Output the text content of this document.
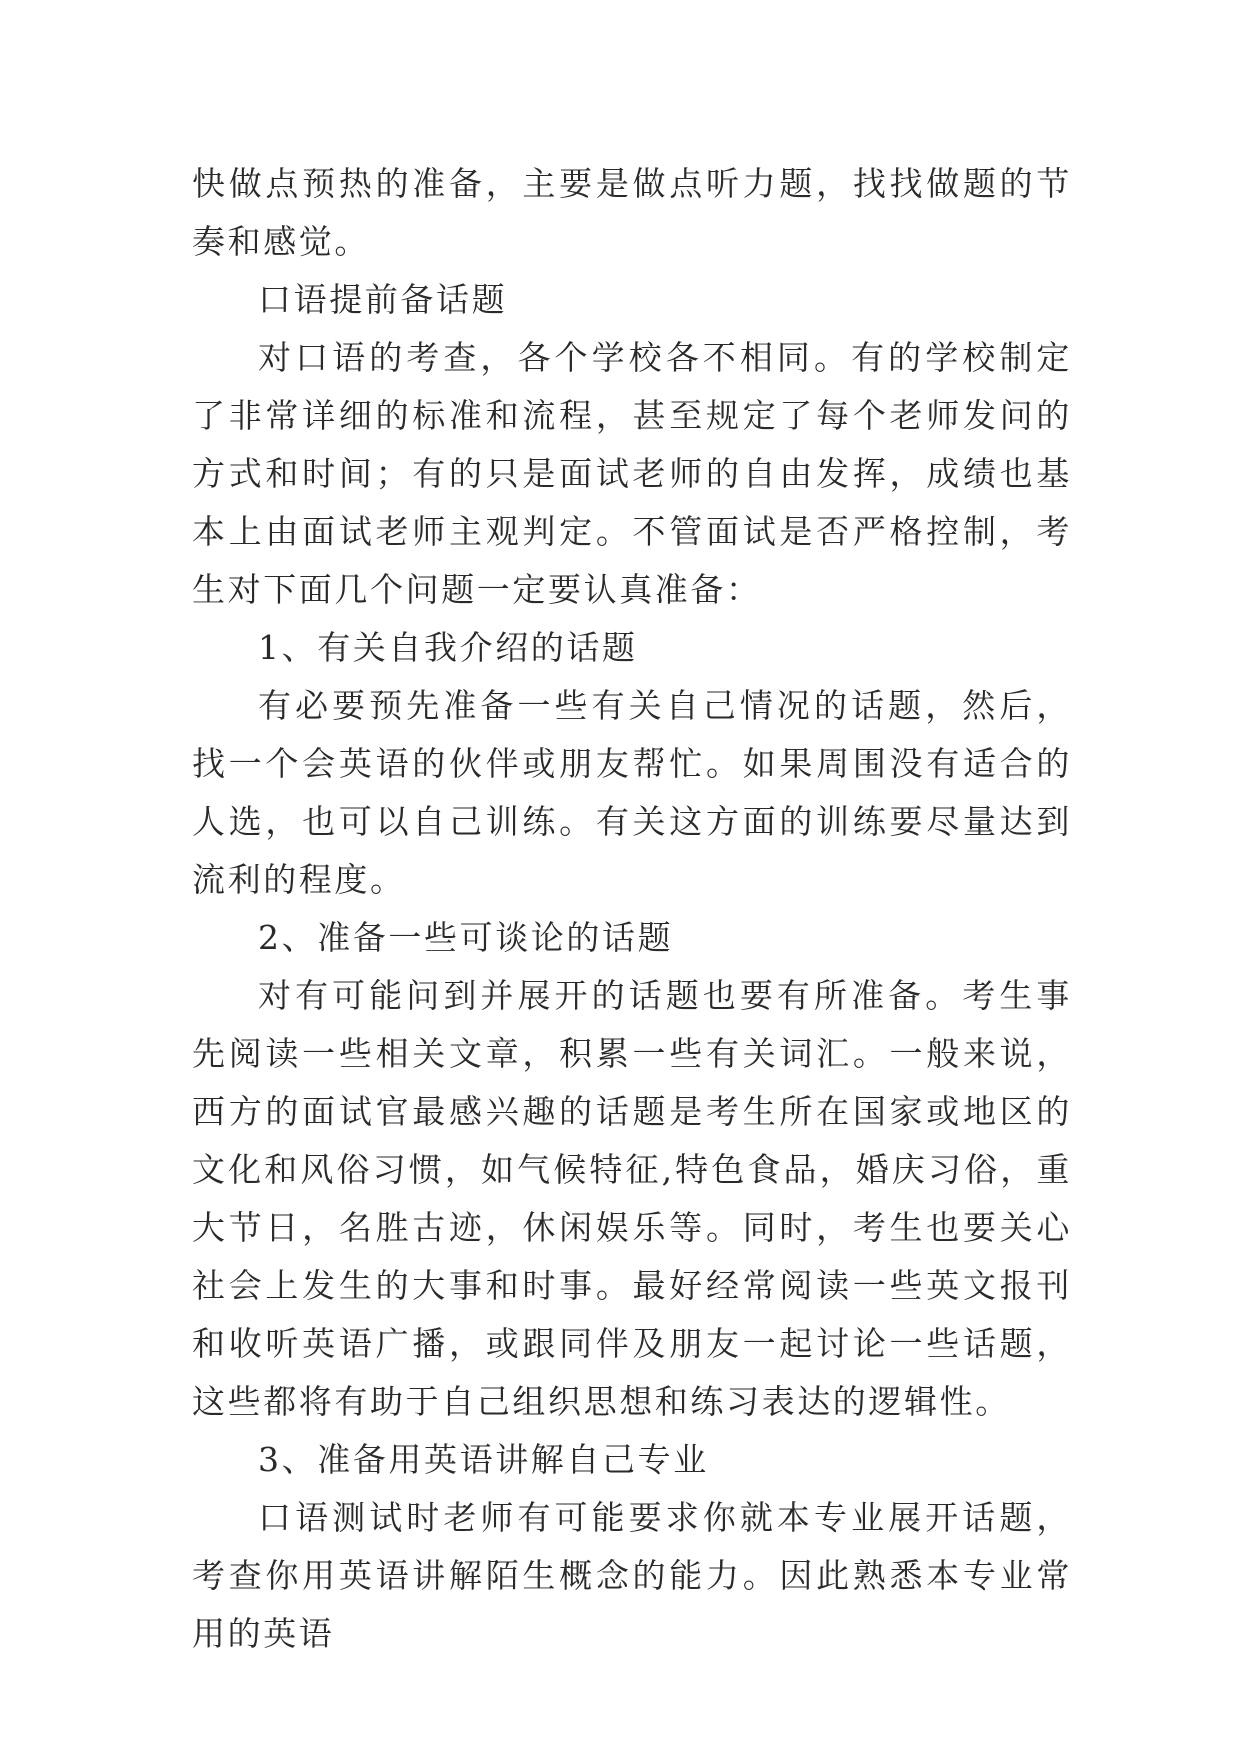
快做点预热的准备，主要是做点听力题，找找做题的节奏和感觉。

口语提前备话题

对口语的考查，各个学校各不相同。有的学校制定了非常详细的标准和流程，甚至规定了每个老师发问的方式和时间；有的只是面试老师的自由发挥，成绩也基本上由面试老师主观判定。不管面试是否严格控制，考生对下面几个问题一定要认真准备：

1、有关自我介绍的话题

有必要预先准备一些有关自己情况的话题，然后，找一个会英语的伙伴或朋友帮忙。如果周围没有适合的人选，也可以自己训练。有关这方面的训练要尽量达到流利的程度。

2、准备一些可谈论的话题

对有可能问到并展开的话题也要有所准备。考生事先阅读一些相关文章，积累一些有关词汇。一般来说，西方的面试官最感兴趣的话题是考生所在国家或地区的文化和风俗习惯，如气候特征,特色食品，婚庆习俗，重大节日，名胜古迹，休闲娱乐等。同时，考生也要关心社会上发生的大事和时事。最好经常阅读一些英文报刊和收听英语广播，或跟同伴及朋友一起讨论一些话题，这些都将有助于自己组织思想和练习表达的逻辑性。

3、准备用英语讲解自己专业

口语测试时老师有可能要求你就本专业展开话题，考查你用英语讲解陌生概念的能力。因此熟悉本专业常用的英语
